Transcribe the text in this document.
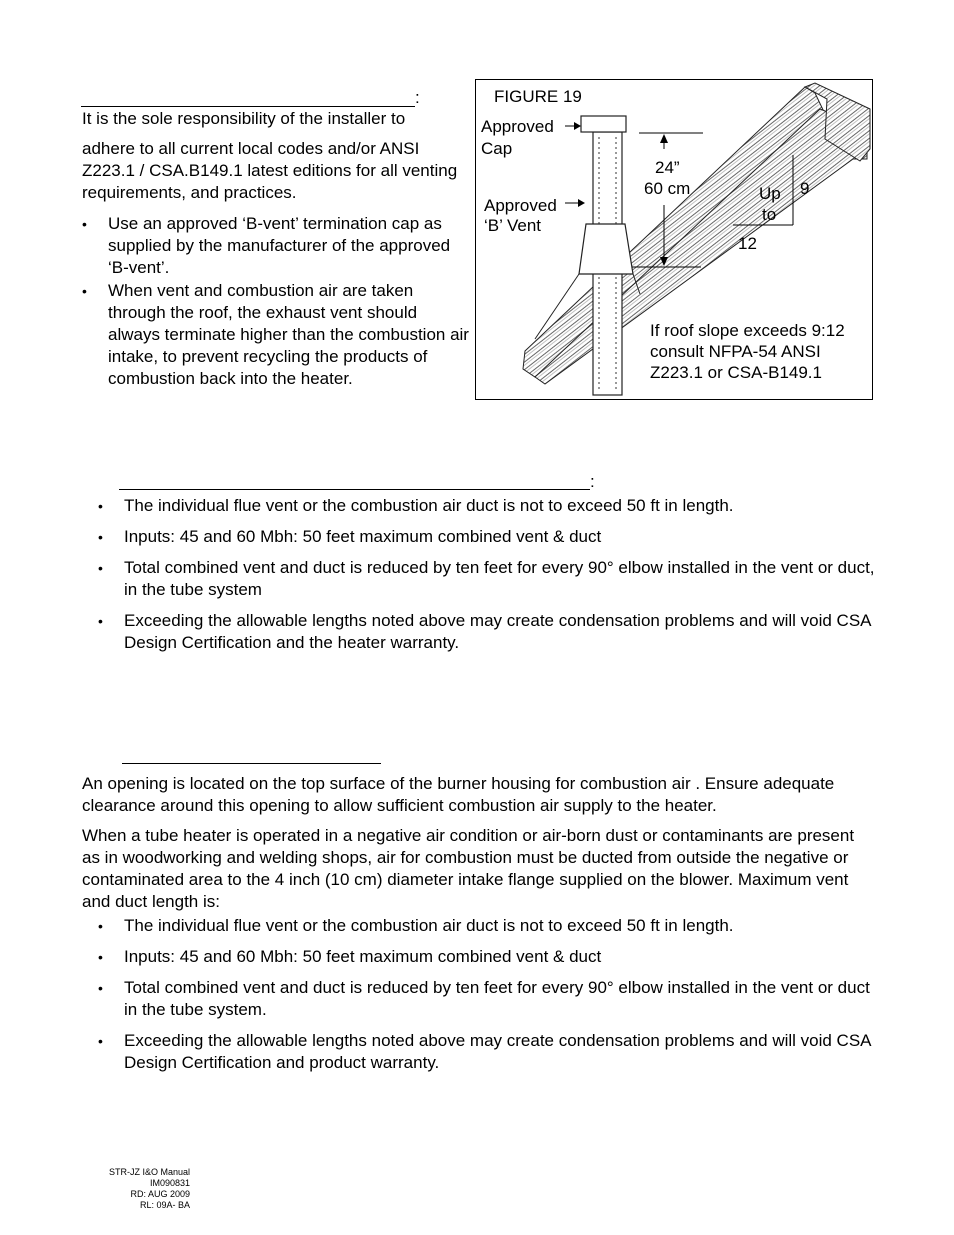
:
It is the sole responsibility of the installer to
adhere to all current local codes and/or ANSI Z223.1 / CSA.B149.1 latest editions for all venting requirements, and practices.
• Use an approved ‘B-vent’ termination cap as supplied by the manufacturer of the approved ‘B-vent’.
• When vent and combustion air are taken through the roof, the exhaust vent should always terminate higher than the combustion air intake, to prevent recycling the products of combustion back into the heater.
FIGURE 19
Approved
Cap
Approved
‘B’ Vent
24”
60 cm	Up
to
9
12
If roof slope exceeds 9:12 consult NFPA-54 ANSI Z223.1 or CSA-B149.1
:
• The individual flue vent or the combustion air duct is not to exceed 50 ft in length.
• Inputs: 45 and 60 Mbh: 50 feet maximum combined vent & duct
• Total combined vent and duct is reduced by ten feet for every 90° elbow installed in the vent or duct,        in the tube system
• Exceeding the allowable lengths noted above may create condensation problems and will void CSA Design Certification and the heater warranty.
An opening is located on the top surface of the burner housing for combustion air . Ensure adequate clearance around this opening to allow sufficient combustion air supply to the heater.
When a tube heater is operated in a negative air condition or air-born dust or contaminants are present as in woodworking and welding shops, air for combustion must be ducted from outside the negative or contaminated area to the 4 inch (10 cm) diameter intake flange supplied on the blower. Maximum vent and duct length is:
• The individual flue vent or the combustion air duct is not to exceed 50 ft in length.
• Inputs: 45 and 60 Mbh: 50 feet maximum combined vent & duct
• Total combined vent and duct is reduced by ten feet for every 90° elbow installed in the vent or duct        in the tube system.
• Exceeding the allowable lengths noted above may create condensation problems and will void CSA Design Certification and product warranty.
STR-JZ I&O Manual
IM090831
RD: AUG 2009
RL: 09A- BA
